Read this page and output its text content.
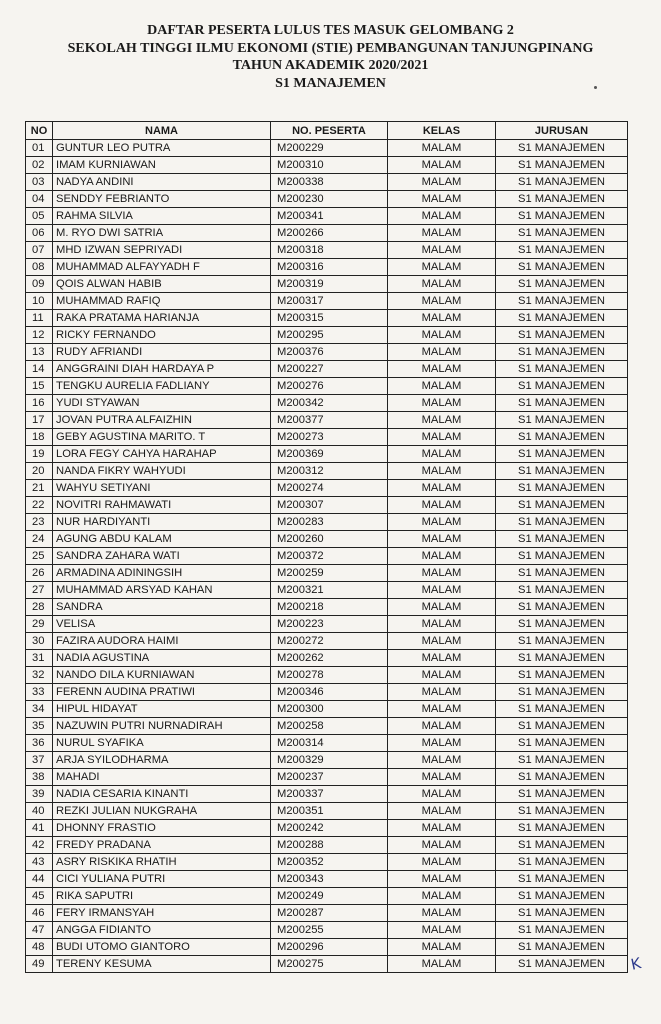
DAFTAR PESERTA LULUS TES MASUK GELOMBANG 2
SEKOLAH TINGGI ILMU EKONOMI (STIE) PEMBANGUNAN TANJUNGPINANG
TAHUN AKADEMIK 2020/2021
S1 MANAJEMEN
NO	NAMA	NO. PESERTA	KELAS	JURUSAN
01	GUNTUR LEO PUTRA	M200229	MALAM	S1 MANAJEMEN
02	IMAM KURNIAWAN	M200310	MALAM	S1 MANAJEMEN
03	NADYA ANDINI	M200338	MALAM	S1 MANAJEMEN
04	SENDDY FEBRIANTO	M200230	MALAM	S1 MANAJEMEN
05	RAHMA SILVIA	M200341	MALAM	S1 MANAJEMEN
06	M. RYO DWI SATRIA	M200266	MALAM	S1 MANAJEMEN
07	MHD IZWAN SEPRIYADI	M200318	MALAM	S1 MANAJEMEN
08	MUHAMMAD ALFAYYADH F	M200316	MALAM	S1 MANAJEMEN
09	QOIS ALWAN HABIB	M200319	MALAM	S1 MANAJEMEN
10	MUHAMMAD RAFIQ	M200317	MALAM	S1 MANAJEMEN
11	RAKA PRATAMA HARIANJA	M200315	MALAM	S1 MANAJEMEN
12	RICKY FERNANDO	M200295	MALAM	S1 MANAJEMEN
13	RUDY AFRIANDI	M200376	MALAM	S1 MANAJEMEN
14	ANGGRAINI DIAH HARDAYA P	M200227	MALAM	S1 MANAJEMEN
15	TENGKU AURELIA FADLIANY	M200276	MALAM	S1 MANAJEMEN
16	YUDI STYAWAN	M200342	MALAM	S1 MANAJEMEN
17	JOVAN PUTRA ALFAIZHIN	M200377	MALAM	S1 MANAJEMEN
18	GEBY AGUSTINA MARITO. T	M200273	MALAM	S1 MANAJEMEN
19	LORA FEGY CAHYA HARAHAP	M200369	MALAM	S1 MANAJEMEN
20	NANDA FIKRY WAHYUDI	M200312	MALAM	S1 MANAJEMEN
21	WAHYU SETIYANI	M200274	MALAM	S1 MANAJEMEN
22	NOVITRI RAHMAWATI	M200307	MALAM	S1 MANAJEMEN
23	NUR HARDIYANTI	M200283	MALAM	S1 MANAJEMEN
24	AGUNG ABDU KALAM	M200260	MALAM	S1 MANAJEMEN
25	SANDRA ZAHARA WATI	M200372	MALAM	S1 MANAJEMEN
26	ARMADINA ADININGSIH	M200259	MALAM	S1 MANAJEMEN
27	MUHAMMAD ARSYAD KAHAN	M200321	MALAM	S1 MANAJEMEN
28	SANDRA	M200218	MALAM	S1 MANAJEMEN
29	VELISA	M200223	MALAM	S1 MANAJEMEN
30	FAZIRA AUDORA HAIMI	M200272	MALAM	S1 MANAJEMEN
31	NADIA AGUSTINA	M200262	MALAM	S1 MANAJEMEN
32	NANDO DILA KURNIAWAN	M200278	MALAM	S1 MANAJEMEN
33	FERENN AUDINA PRATIWI	M200346	MALAM	S1 MANAJEMEN
34	HIPUL HIDAYAT	M200300	MALAM	S1 MANAJEMEN
35	NAZUWIN PUTRI NURNADIRAH	M200258	MALAM	S1 MANAJEMEN
36	NURUL SYAFIKA	M200314	MALAM	S1 MANAJEMEN
37	ARJA SYILODHARMA	M200329	MALAM	S1 MANAJEMEN
38	MAHADI	M200237	MALAM	S1 MANAJEMEN
39	NADIA CESARIA KINANTI	M200337	MALAM	S1 MANAJEMEN
40	REZKI JULIAN NUKGRAHA	M200351	MALAM	S1 MANAJEMEN
41	DHONNY FRASTIO	M200242	MALAM	S1 MANAJEMEN
42	FREDY PRADANA	M200288	MALAM	S1 MANAJEMEN
43	ASRY RISKIKA RHATIH	M200352	MALAM	S1 MANAJEMEN
44	CICI YULIANA PUTRI	M200343	MALAM	S1 MANAJEMEN
45	RIKA SAPUTRI	M200249	MALAM	S1 MANAJEMEN
46	FERY IRMANSYAH	M200287	MALAM	S1 MANAJEMEN
47	ANGGA FIDIANTO	M200255	MALAM	S1 MANAJEMEN
48	BUDI UTOMO GIANTORO	M200296	MALAM	S1 MANAJEMEN
49	TERENY KESUMA	M200275	MALAM	S1 MANAJEMEN K
